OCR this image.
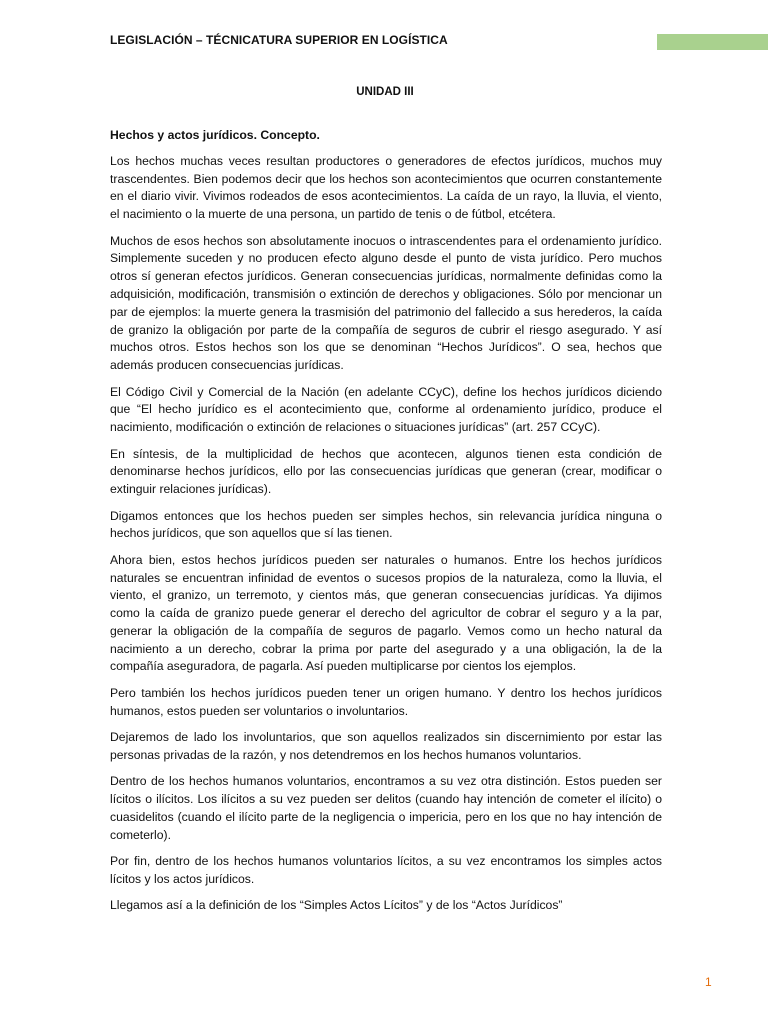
LEGISLACIÓN – TÉCNICATURA SUPERIOR EN LOGÍSTICA
UNIDAD III

Hechos y actos jurídicos. Concepto.

Los hechos muchas veces resultan productores o generadores de efectos jurídicos, muchos muy trascendentes. Bien podemos decir que los hechos son acontecimientos que ocurren constantemente en el diario vivir. Vivimos rodeados de esos acontecimientos. La caída de un rayo, la lluvia, el viento, el nacimiento o la muerte de una persona, un partido de tenis o de fútbol, etcétera.

Muchos de esos hechos son absolutamente inocuos o intrascendentes para el ordenamiento jurídico. Simplemente suceden y no producen efecto alguno desde el punto de vista jurídico. Pero muchos otros sí generan efectos jurídicos. Generan consecuencias jurídicas, normalmente definidas como la adquisición, modificación, transmisión o extinción de derechos y obligaciones. Sólo por mencionar un par de ejemplos: la muerte genera la trasmisión del patrimonio del fallecido a sus herederos, la caída de granizo la obligación por parte de la compañía de seguros de cubrir el riesgo asegurado. Y así muchos otros. Estos hechos son los que se denominan “Hechos Jurídicos”. O sea, hechos que además producen consecuencias jurídicas.

El Código Civil y Comercial de la Nación (en adelante CCyC), define los hechos jurídicos diciendo que “El hecho jurídico es el acontecimiento que, conforme al ordenamiento jurídico, produce el nacimiento, modificación o extinción de relaciones o situaciones jurídicas” (art. 257 CCyC).

En síntesis, de la multiplicidad de hechos que acontecen, algunos tienen esta condición de denominarse hechos jurídicos, ello por las consecuencias jurídicas que generan (crear, modificar o extinguir relaciones jurídicas).

Digamos entonces que los hechos pueden ser simples hechos, sin relevancia jurídica ninguna o hechos jurídicos, que son aquellos que sí las tienen.

Ahora bien, estos hechos jurídicos pueden ser naturales o humanos. Entre los hechos jurídicos naturales se encuentran infinidad de eventos o sucesos propios de la naturaleza, como la lluvia, el viento, el granizo, un terremoto, y cientos más, que generan consecuencias jurídicas. Ya dijimos como la caída de granizo puede generar el derecho del agricultor de cobrar el seguro y a la par, generar la obligación de la compañía de seguros de pagarlo. Vemos como un hecho natural da nacimiento a un derecho, cobrar la prima por parte del asegurado y a una obligación, la de la compañía aseguradora, de pagarla. Así pueden multiplicarse por cientos los ejemplos.

Pero también los hechos jurídicos pueden tener un origen humano. Y dentro los hechos jurídicos humanos, estos pueden ser voluntarios o involuntarios.

Dejaremos de lado los involuntarios, que son aquellos realizados sin discernimiento por estar las personas privadas de la razón, y nos detendremos en los hechos humanos voluntarios.

Dentro de los hechos humanos voluntarios, encontramos a su vez otra distinción. Estos pueden ser lícitos o ilícitos. Los ilícitos a su vez pueden ser delitos (cuando hay intención de cometer el ilícito) o cuasidelitos (cuando el ilícito parte de la negligencia o impericia, pero en los que no hay intención de cometerlo).

Por fin, dentro de los hechos humanos voluntarios lícitos, a su vez encontramos los simples actos lícitos y los actos jurídicos.

Llegamos así a la definición de los “Simples Actos Lícitos” y de los “Actos Jurídicos”

1
